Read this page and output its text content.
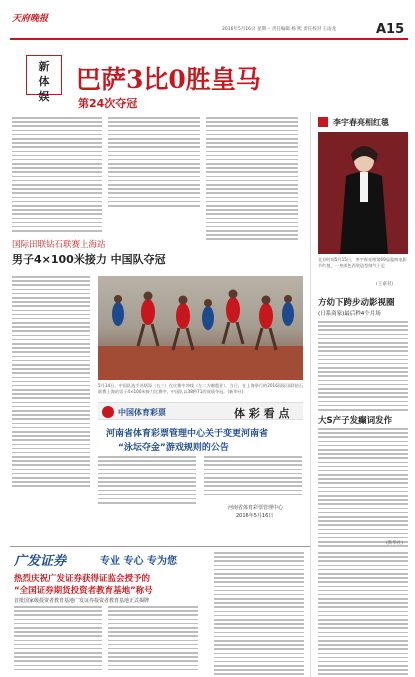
天府晚报
2016年5月16日 星期一 责任编辑 杨 熙 责任校对 王雨龙	A15
新体娱
巴萨3比0胜皇马
第24次夺冠
李宇春亮相红毯
北京时间5月15日，李宇春亮相第69届戛纳电影节红毯，一身黑色西装造型帅气十足
(王嘉君)
国际田联钻石联赛上海站
男子4×100米接力 中国队夺冠
5月14日，中国队选手苏炳添（右三）在比赛中冲线（左二为谢震业）。当日，在上海举行的2016国际田联钻石联赛上海站男子4×100米接力比赛中，中国队以38秒71的成绩夺冠。(新华社)
方幼下跨步动影视圈
(日系商家)最后秒4个月场
中国体育彩票	体 彩 看 点
河南省体育彩票管理中心关于变更河南省
“泳坛夺金”游戏规则的公告
河南省体育彩票管理中心
2016年5月16日
大S产子发癫词发作
(新华社)
广发证券	专业 专心 专为您
热烈庆祝广发证券获得证监会授予的
“全国证券期货投资者教育基地”称号
首批国家级投资者教育基地广发证券投资者教育基地正式揭牌
